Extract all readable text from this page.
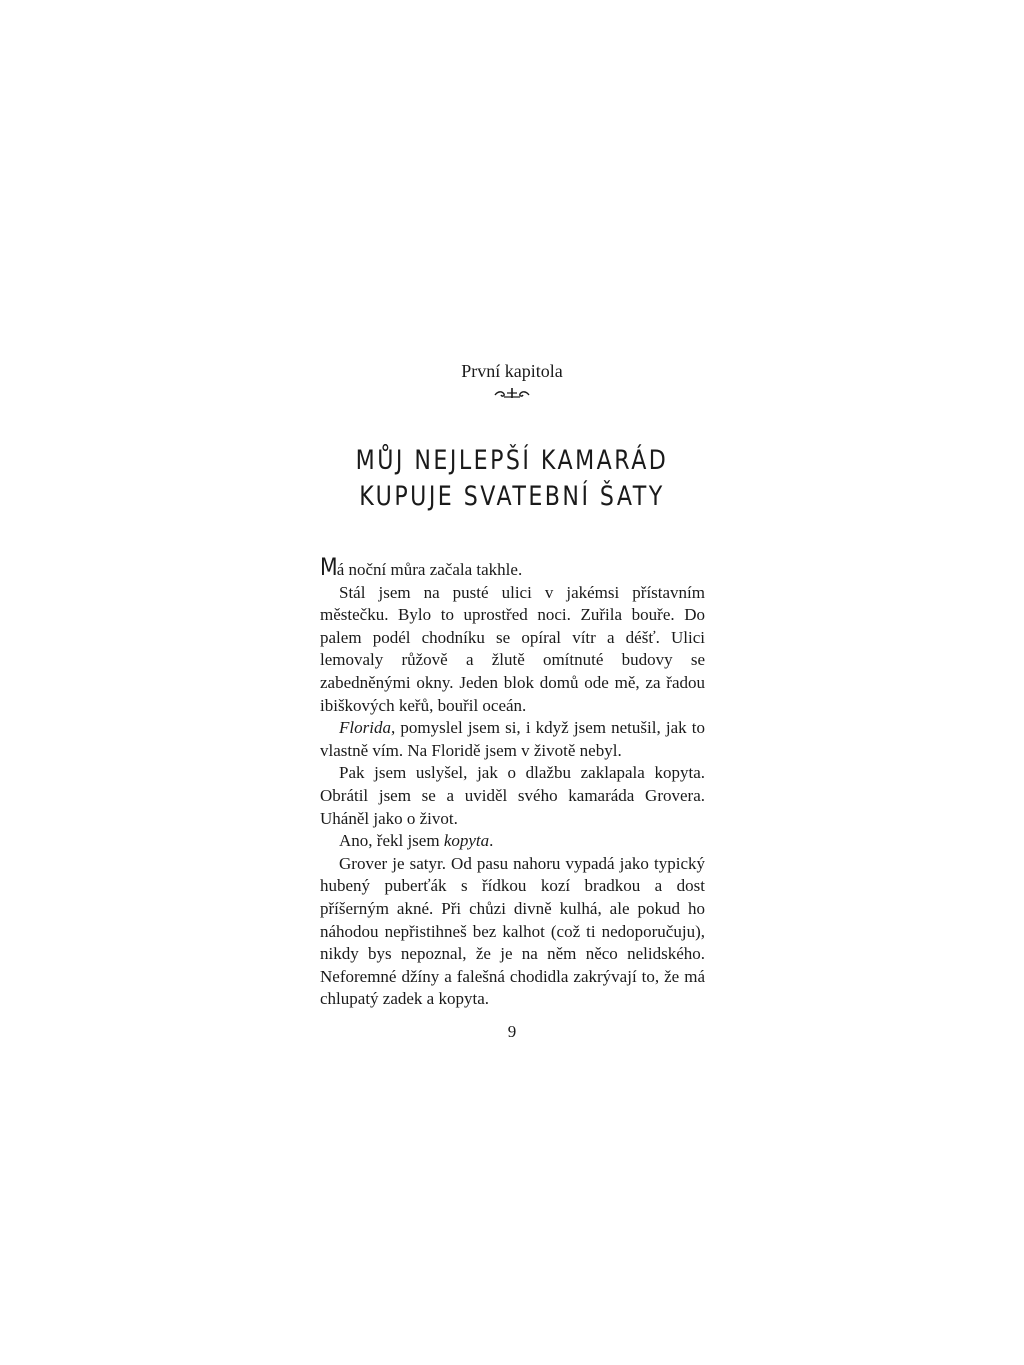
První kapitola
MŮJ NEJLEPŠÍ KAMARÁD
KUPUJE SVATEBNÍ ŠATY

Má noční můra začala takhle.

Stál jsem na pusté ulici v jakémsi přístavním městečku. Bylo to uprostřed noci. Zuřila bouře. Do palem podél chodníku se opíral vítr a déšť. Ulici lemovaly růžově a žlutě omítnuté budovy se zabedněnými okny. Jeden blok domů ode mě, za řadou ibiškových keřů, bouřil oceán.

Florida, pomyslel jsem si, i když jsem netušil, jak to vlastně vím. Na Floridě jsem v životě nebyl.

Pak jsem uslyšel, jak o dlažbu zaklapala kopyta. Obrátil jsem se a uviděl svého kamaráda Grovera. Uháněl jako o život.

Ano, řekl jsem kopyta.

Grover je satyr. Od pasu nahoru vypadá jako typický hubený puberťák s řídkou kozí bradkou a dost příšerným akné. Při chůzi divně kulhá, ale pokud ho náhodou nepřistihneš bez kalhot (což ti nedoporučuju), nikdy bys nepoznal, že je na něm něco nelidského. Neforemné džíny a falešná chodidla zakrývají to, že má chlupatý zadek a kopyta.

9
